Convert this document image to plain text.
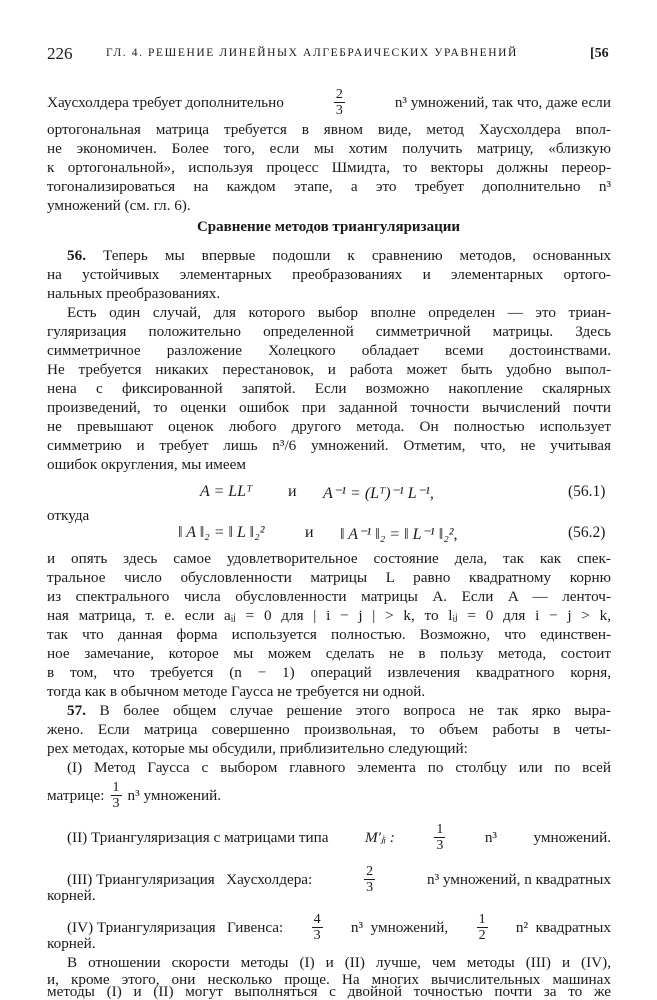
226	ГЛ. 4. РЕШЕНИЕ ЛИНЕЙНЫХ АЛГЕБРАИЧЕСКИХ УРАВНЕНИЙ	[56
Хаусхолдера требует дополнительно	$\frac{2}{3}$	n³ умножений, так что, даже если
ортогональная матрица требуется в явном виде, метод Хаусхолдера впол-
не экономичен. Более того, если мы хотим получить матрицу, «близкую
к ортогональной», используя процесс Шмидта, то векторы должны переор-
тогонализироваться на каждом этапе, а это требует дополнительно n³
умножений (см. гл. 6).
Сравнение методов триангуляризации
56. Теперь мы впервые подошли к сравнению методов, основанных
на устойчивых элементарных преобразованиях и элементарных ортого-
нальных преобразованиях.
Есть один случай, для которого выбор вполне определен — это триан-
гуляризация положительно определенной симметричной матрицы. Здесь
симметричное разложение Холецкого обладает всеми достоинствами.
Не требуется никаких перестановок, и работа может быть удобно выпол-
нена с фиксированной запятой. Если возможно накопление скалярных
произведений, то оценки ошибок при заданной точности вычислений почти
не превышают оценок любого другого метода. Он полностью использует
симметрию и требует лишь n³/6 умножений. Отметим, что, не учитывая
ошибок округления, мы имеем
A = LLᵀ и A⁻¹ = (Lᵀ)⁻¹ L⁻¹,	(56.1)
откуда
‖ A ‖₂ = ‖ L ‖₂²	и ‖ A⁻¹ ‖₂ = ‖ L⁻¹ ‖₂²,	(56.2)
и опять здесь самое удовлетворительное состояние дела, так как спек-
тральное число обусловленности матрицы L равно квадратному корню
из спектрального числа обусловленности матрицы A. Если A — ленточ-
ная матрица, т. е. если aᵢⱼ = 0 для | i − j | > k, то lᵢⱼ = 0 для i − j > k,
так что данная форма используется полностью. Возможно, что единствен-
ное замечание, которое мы можем сделать не в пользу метода, состоит
в том, что требуется (n − 1) операций извлечения квадратного корня,
тогда как в обычном методе Гаусса не требуется ни одной.
57. В более общем случае решение этого вопроса не так ярко выра-
жено. Если матрица совершенно произвольная, то объем работы в четы-
рех методах, которые мы обсудили, приблизительно следующий:
(I) Метод Гаусса с выбором главного элемента по столбцу или по всей
матрице: $\frac{1}{3} n^3$ умножений.
(II) Триангуляризация с матрицами типа M′ⱼᵢ :	$\frac{1}{3}$	n³ умножений.
(III) Триангуляризация   Хаусхолдера:	$\frac{2}{3}$	n³ умножений, n квадратных
корней.
(IV) Триангуляризация   Гивенса: $\frac{4}{3} n^3$  умножений, $\frac{1}{2} n^2$  квадратных
корней.
В отношении скорости методы (I) и (II) лучше, чем методы (III) и (IV),
и, кроме этого, они несколько проще. На многих вычислительных машинах
методы (I) и (II) могут выполняться с двойной точностью почти за то же
